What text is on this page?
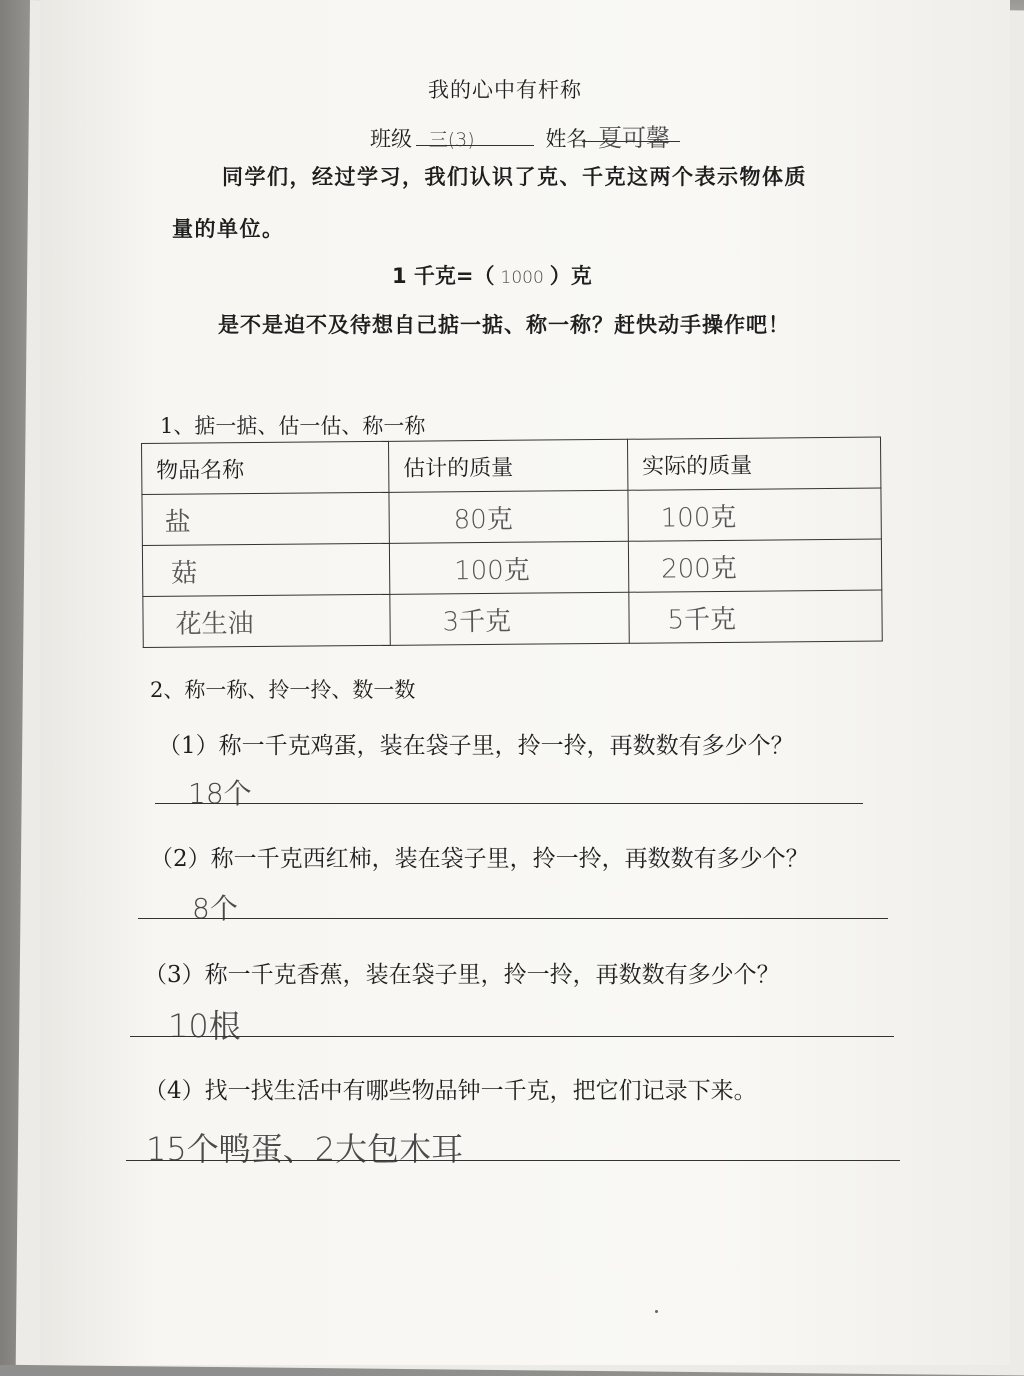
我的心中有杆称
班级 三(3)	姓名 夏可馨
同学们，经过学习，我们认识了克、千克这两个表示物体质
量的单位。
1 千克=（ 1000 ）克
是不是迫不及待想自己掂一掂、称一称？赶快动手操作吧！
1、掂一掂、估一估、称一称
物品名称	估计的质量	实际的质量
盐	80克	100克
菇	100克	200克
花生油	3千克	5千克
2、称一称、拎一拎、数一数
（1）称一千克鸡蛋，装在袋子里，拎一拎，再数数有多少个？
18个
（2）称一千克西红柿，装在袋子里，拎一拎，再数数有多少个？
8个
（3）称一千克香蕉，装在袋子里，拎一拎，再数数有多少个？
10根
（4）找一找生活中有哪些物品钟一千克，把它们记录下来。
15个鸭蛋、2大包木耳
